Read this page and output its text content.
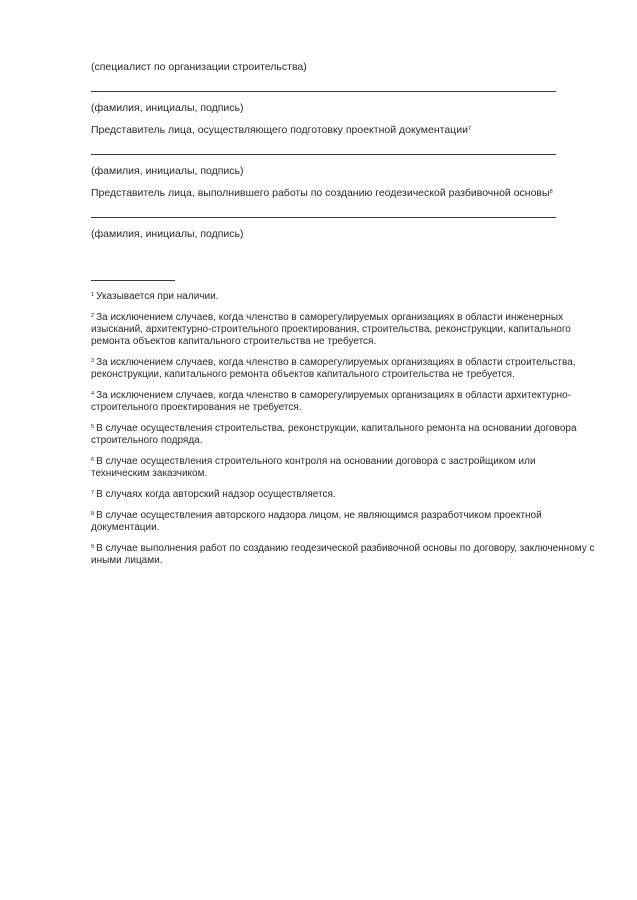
(специалист по организации строительства)
(фамилия, инициалы, подпись)
Представитель лица, осуществляющего подготовку проектной документации$^7$
(фамилия, инициалы, подпись)
Представитель лица, выполнившего работы по созданию геодезической разбивочной основы$^8$
(фамилия, инициалы, подпись)

$^1$ Указывается при наличии.

$^2$ За исключением случаев, когда членство в саморегулируемых организациях в области инженерных изысканий, архитектурно-строительного проектирования, строительства, реконструкции, капитального ремонта объектов капитального строительства не требуется.

$^3$ За исключением случаев, когда членство в саморегулируемых организациях в области строительства, реконструкции, капитального ремонта объектов капитального строительства не требуется.

$^4$ За исключением случаев, когда членство в саморегулируемых организациях в области архитектурно-строительного проектирования не требуется.

$^5$ В случае осуществления строительства, реконструкции, капитального ремонта на основании договора строительного подряда.

$^6$ В случае осуществления строительного контроля на основании договора с застройщиком или техническим заказчиком.

$^7$ В случаях когда авторский надзор осуществляется.

$^8$ В случае осуществления авторского надзора лицом, не являющимся разработчиком проектной документации.

$^9$ В случае выполнения работ по созданию геодезической разбивочной основы по договору, заключенному с иными лицами.
